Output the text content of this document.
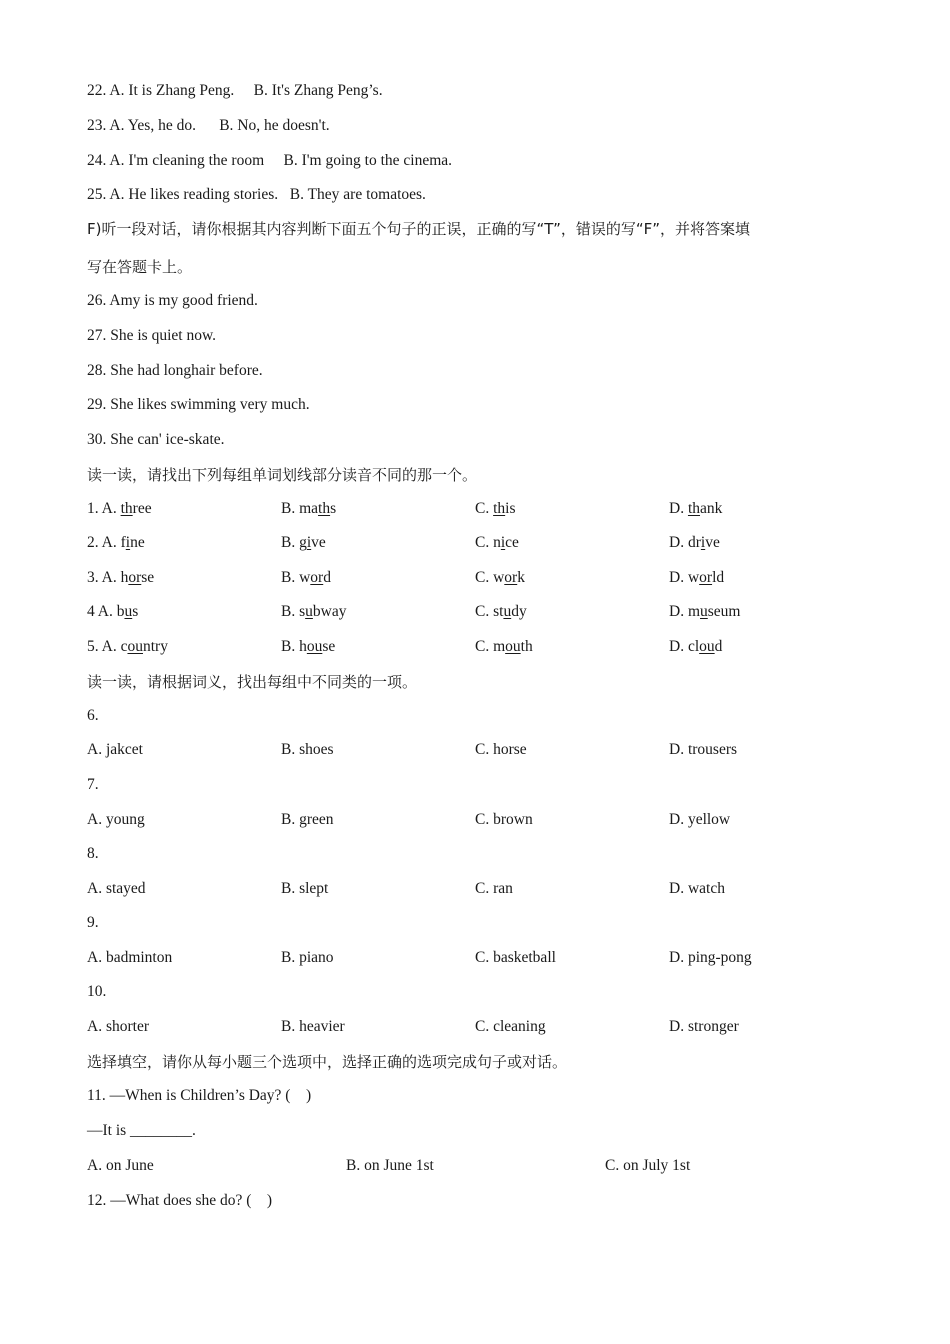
22. A. It is Zhang Peng. B. It's Zhang Peng’s.
23. A. Yes, he do. B. No, he doesn't.
24. A. I'm cleaning the room B. I'm going to the cinema.
25. A. He likes reading stories. B. They are tomatoes.
F)听一段对话，请你根据其内容判断下面五个句子的正误，正确的写“T”，错误的写“F”，并将答案填
写在答题卡上。
26. Amy is my good friend.
27. She is quiet now.
28. She had longhair before.
29. She likes swimming very much.
30. She can' ice-skate.
读一读，请找出下列每组单词划线部分读音不同的那一个。
1. A. three	B. maths	C. this	D. thank
2. A. fine	B. give	C. nice	D. drive
3. A. horse	B. word	C. work	D. world
4 A. bus	B. subway	C. study	D. museum
5. A. country	B. house	C. mouth	D. cloud
读一读，请根据词义，找出每组中不同类的一项。
6.
A. jakcet	B. shoes	C. horse	D. trousers
7.
A. young	B. green	C. brown	D. yellow
8.
A. stayed	B. slept	C. ran	D. watch
9.
A. badminton	B. piano	C. basketball	D. ping-pong
10.
A. shorter	B. heavier	C. cleaning	D. stronger
选择填空，请你从每小题三个选项中，选择正确的选项完成句子或对话。
11. —When is Children’s Day? (　)
—It is ________.
A. on June	B. on June 1st	C. on July 1st
12. —What does she do? (　)
